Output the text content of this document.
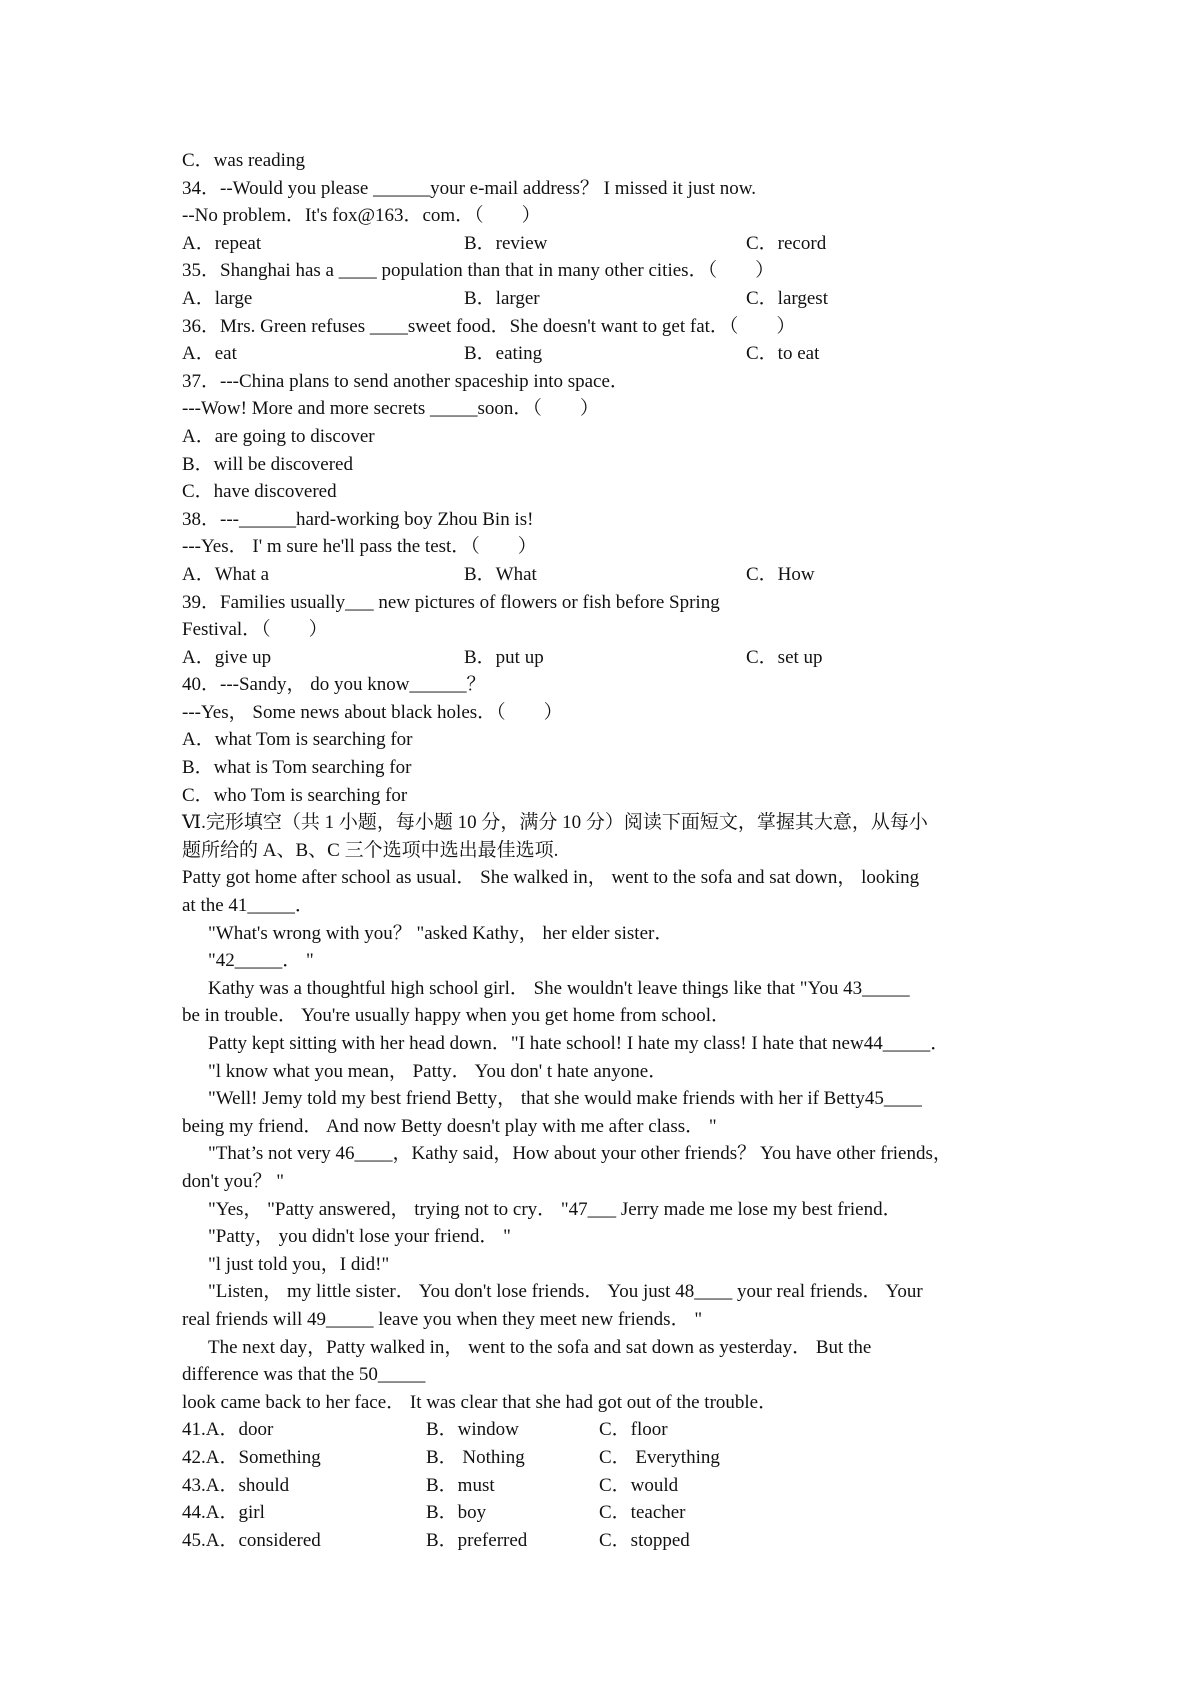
C．was reading
34．--Would you please ______your e-mail address？ I missed it just now.
--No problem．It's fox@163．com．（　　）
A．repeat	B．review	C．record
35．Shanghai has a ____ population than that in many other cities．（　　）
A．large	B．larger	C．largest
36．Mrs. Green refuses ____sweet food．She doesn't want to get fat．（　　）
A．eat	B．eating	C．to eat
37．---China plans to send another spaceship into space．
---Wow! More and more secrets _____soon．（　　）
A．are going to discover
B．will be discovered
C．have discovered
38．---______hard-working boy Zhou Bin is!
---Yes． I' m sure he'll pass the test．（　　）
A．What a	B．What	C．How
39．Families usually___ new pictures of flowers or fish before Spring
Festival．（　　）
A．give up	B．put up	C．set up
40．---Sandy， do you know______？
---Yes， Some news about black holes．（　　）
A．what Tom is searching for
B．what is Tom searching for
C．who Tom is searching for
Ⅵ.完形填空（共 1 小题，每小题 10 分，满分 10 分）阅读下面短文，掌握其大意，从每小
题所给的 A、B、C 三个选项中选出最佳选项.
Patty got home after school as usual． She walked in， went to the sofa and sat down， looking
at the 41_____．
"What's wrong with you？ "asked Kathy， her elder sister．
"42_____． "
Kathy was a thoughtful high school girl． She wouldn't leave things like that "You 43_____
be in trouble． You're usually happy when you get home from school．
Patty kept sitting with her head down．"I hate school! I hate my class! I hate that new44_____．
"l know what you mean， Patty． You don' t hate anyone．
"Well! Jemy told my best friend Betty， that she would make friends with her if Betty45____
being my friend． And now Betty doesn't play with me after class． "
"That’s not very 46____，Kathy said，How about your other friends？ You have other friends，
don't you？ "
"Yes， "Patty answered， trying not to cry． "47___ Jerry made me lose my best friend．
"Patty， you didn't lose your friend． "
"l just told you，I did!"
"Listen， my little sister． You don't lose friends． You just 48____ your real friends． Your
real friends will 49_____ leave you when they meet new friends． "
The next day，Patty walked in， went to the sofa and sat down as yesterday． But the
difference was that the 50_____
look came back to her face． It was clear that she had got out of the trouble．
41.A．door	B．window	C．floor
42.A．Something	B． Nothing	C． Everything
43.A．should	B．must	C．would
44.A．girl	B．boy	C．teacher
45.A．considered	B．preferred	C．stopped
